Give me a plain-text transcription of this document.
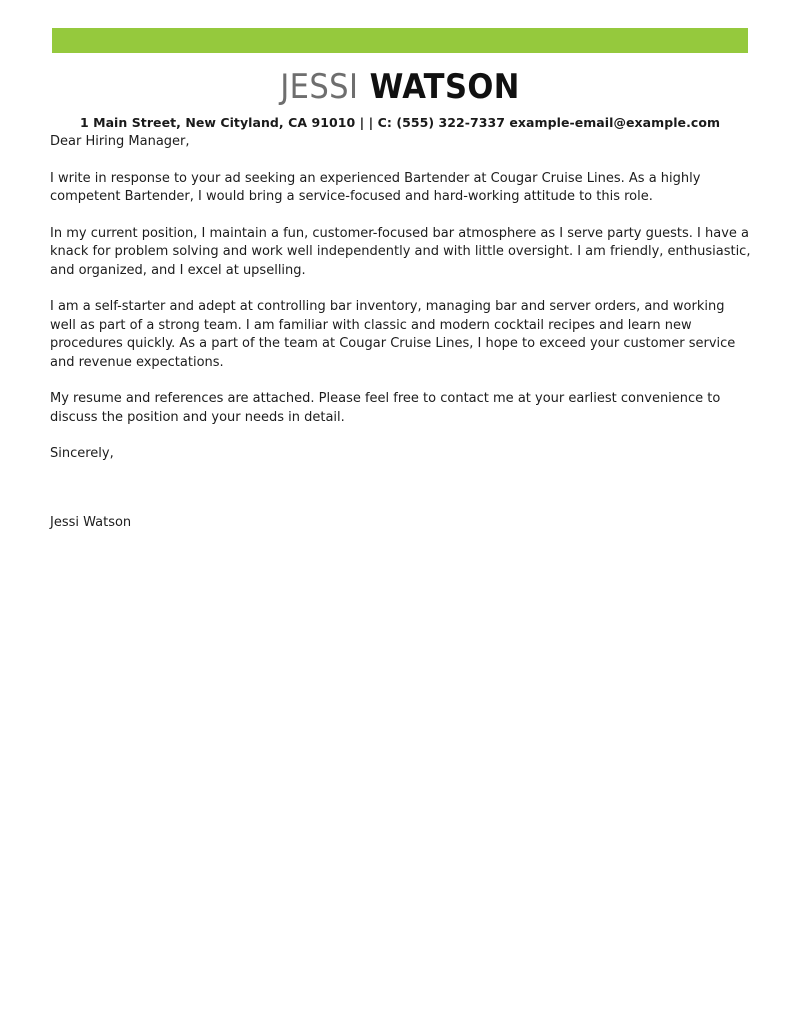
JESSI WATSON
1 Main Street, New Cityland, CA 91010 | | C: (555) 322-7337 example-email@example.com

Dear Hiring Manager,

I write in response to your ad seeking an experienced Bartender at Cougar Cruise Lines. As a highly competent Bartender, I would bring a service-focused and hard-working attitude to this role.

In my current position, I maintain a fun, customer-focused bar atmosphere as I serve party guests. I have a knack for problem solving and work well independently and with little oversight. I am friendly, enthusiastic, and organized, and I excel at upselling.

I am a self-starter and adept at controlling bar inventory, managing bar and server orders, and working well as part of a strong team. I am familiar with classic and modern cocktail recipes and learn new procedures quickly. As a part of the team at Cougar Cruise Lines, I hope to exceed your customer service and revenue expectations.

My resume and references are attached. Please feel free to contact me at your earliest convenience to discuss the position and your needs in detail.

Sincerely,

Jessi Watson
